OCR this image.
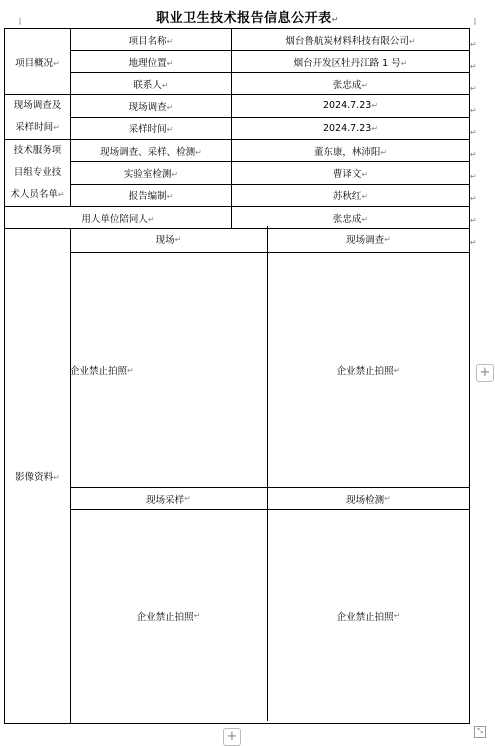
职业卫生技术报告信息公开表↵
项目概况↵	项目名称↵	烟台鲁航炭材料科技有限公司↵
	地理位置↵	烟台开发区牡丹江路 1 号↵
	联系人↵	张忠成↵
现场调查及
采样时间↵	现场调查↵	2024.7.23↵
	采样时间↵	2024.7.23↵
技术服务项
目组专业技
术人员名单↵	现场调查、采样、检测↵	董东康，林沛阳↵
	实验室检测↵	曹译文↵
	报告编制↵	苏秋红↵
用人单位陪同人↵		张忠成↵
影像资料↵		
现场 ↵	现场调查 ↵
企业禁止拍照 ↵	企业禁止拍照 ↵
现场采样 ↵	现场检测 ↵
企业禁止拍照 ↵	企业禁止拍照 ↵
↵
↵
↵
↵
↵
↵
↵
↵
↵
↵
+
+	⤡
